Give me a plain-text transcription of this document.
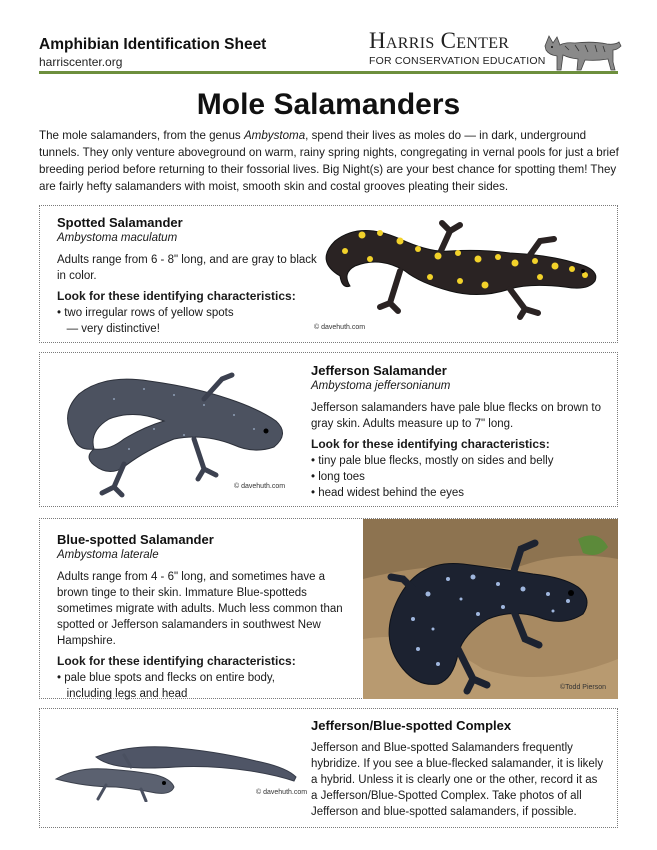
Amphibian Identification Sheet
harriscenter.org
Harris Center
FOR CONSERVATION EDUCATION
Mole Salamanders
The mole salamanders, from the genus Ambystoma, spend their lives as moles do — in dark, underground tunnels. They only venture aboveground on warm, rainy spring nights, congregating in vernal pools for just a brief breeding period before returning to their fossorial lives. Big Night(s) are your best chance for spotting them! They are fairly hefty salamanders with moist, smooth skin and costal grooves pleating their sides.
Spotted Salamander
Ambystoma maculatum
Adults range from 6 - 8" long, and are gray to black in color.
Look for these identifying characteristics:
• two irregular rows of yellow spots
— very distinctive!	© davehuth.com
© davehuth.com
Jefferson Salamander
Ambystoma jeffersonianum
Jefferson salamanders have pale blue flecks on brown to gray skin. Adults measure up to 7" long.
Look for these identifying characteristics:
• tiny pale blue flecks, mostly on sides and belly
• long toes
• head widest behind the eyes
Blue-spotted Salamander
Ambystoma laterale
Adults range from 4 - 6" long, and sometimes have a brown tinge to their skin. Immature Blue-spotteds sometimes migrate with adults. Much less common than spotted or Jefferson salamanders in southwest New Hampshire.
Look for these identifying characteristics:
• pale blue spots and flecks on entire body,
including legs and head
©Todd Pierson
© davehuth.com
Jefferson/Blue-spotted Complex
Jefferson and Blue-spotted Salamanders frequently hybridize. If you see a blue-flecked salamander, it is likely a hybrid. Unless it is clearly one or the other, record it as a Jefferson/Blue-Spotted Complex. Take photos of all Jefferson and blue-spotted salamanders, if possible.
